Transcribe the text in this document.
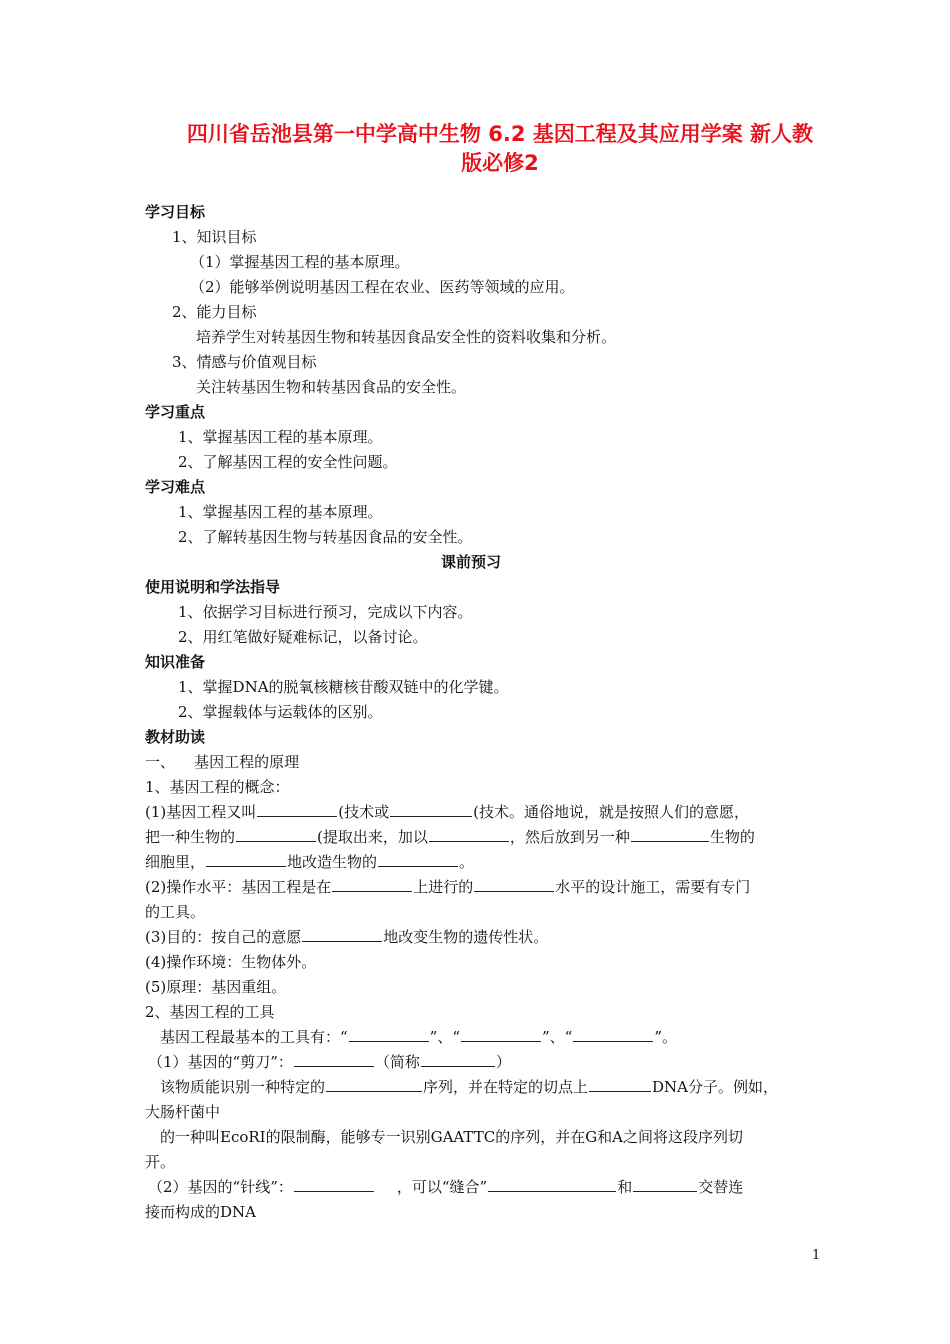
四川省岳池县第一中学高中生物 6.2 基因工程及其应用学案 新人教
版必修2
学习目标
1、知识目标
（1）掌握基因工程的基本原理。
（2）能够举例说明基因工程在农业、医药等领域的应用。
2、能力目标
培养学生对转基因生物和转基因食品安全性的资料收集和分析。
3、情感与价值观目标
关注转基因生物和转基因食品的安全性。
学习重点
1、掌握基因工程的基本原理。
2、了解基因工程的安全性问题。
学习难点
1、掌握基因工程的基本原理。
2、了解转基因生物与转基因食品的安全性。
课前预习
使用说明和学法指导
1、依据学习目标进行预习，完成以下内容。
2、用红笔做好疑难标记，以备讨论。
知识准备
1、掌握DNA的脱氧核糖核苷酸双链中的化学键。
2、掌握载体与运载体的区别。
教材助读
一、    基因工程的原理
1、基因工程的概念：
(1)基因工程又叫	(技术或	(技术。通俗地说，就是按照人们的意愿，
把一种生物的	(提取出来，加以	，然后放到另一种	生物的
细胞里，	地改造生物的	。
(2)操作水平：基因工程是在	上进行的	水平的设计施工，需要有专门
的工具。
(3)目的：按自己的意愿	地改变生物的遗传性状。
(4)操作环境：生物体外。
(5)原理：基因重组。
2、基因工程的工具
基因工程最基本的工具有：“	”、“	”、“	”。
（1）基因的“剪刀”：	（简称	）
该物质能识别一种特定的	序列，并在特定的切点上	DNA分子。例如，
大肠杆菌中
的一种叫EcoRⅠ的限制酶，能够专一识别GAATTC的序列，并在G和A之间将这段序列切
开。
（2）基因的“针线”：	，可以“缝合”	和	交替连
接而构成的DNA
1
